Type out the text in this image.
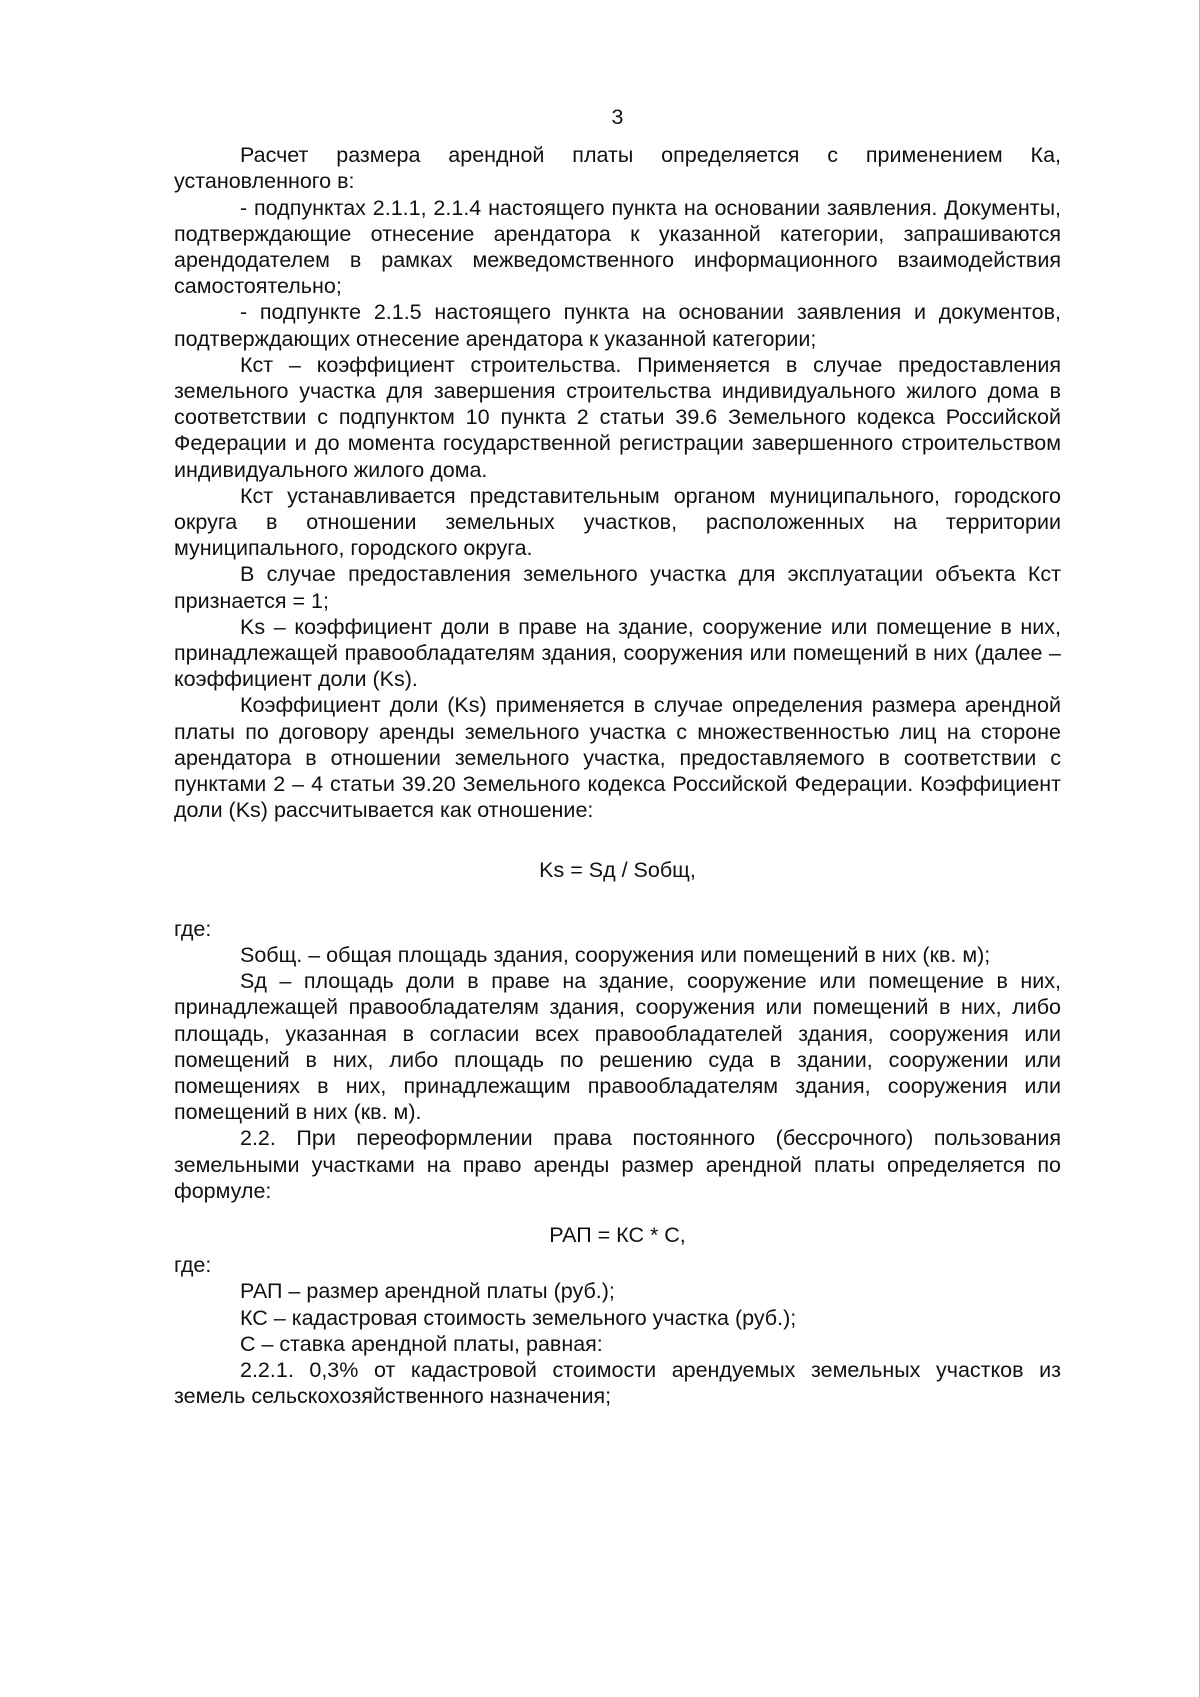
3

Расчет размера арендной платы определяется с применением Ка, установленного в:

- подпунктах 2.1.1, 2.1.4 настоящего пункта на основании заявления. Документы, подтверждающие отнесение арендатора к указанной категории, запрашиваются арендодателем в рамках межведомственного информационного взаимодействия самостоятельно;

- подпункте 2.1.5 настоящего пункта на основании заявления и документов, подтверждающих отнесение арендатора к указанной категории;

Кст – коэффициент строительства. Применяется в случае предоставления земельного участка для завершения строительства индивидуального жилого дома в соответствии с подпунктом 10 пункта 2 статьи 39.6 Земельного кодекса Российской Федерации и до момента государственной регистрации завершенного строительством индивидуального жилого дома.

Кст устанавливается представительным органом муниципального, городского округа в отношении земельных участков, расположенных на территории муниципального, городского округа.

В случае предоставления земельного участка для эксплуатации объекта Кст признается = 1;

Ks – коэффициент доли в праве на здание, сооружение или помещение в них, принадлежащей правообладателям здания, сооружения или помещений в них (далее – коэффициент доли (Ks).

Коэффициент доли (Ks) применяется в случае определения размера арендной платы по договору аренды земельного участка с множественностью лиц на стороне арендатора в отношении земельного участка, предоставляемого в соответствии с пунктами 2 – 4 статьи 39.20 Земельного кодекса Российской Федерации. Коэффициент доли (Ks) рассчитывается как отношение:

Ks = Sд / Sобщ,

где:

Sобщ. – общая площадь здания, сооружения или помещений в них (кв. м);

Sд – площадь доли в праве на здание, сооружение или помещение в них, принадлежащей правообладателям здания, сооружения или помещений в них, либо площадь, указанная в согласии всех правообладателей здания, сооружения или помещений в них, либо площадь по решению суда в здании, сооружении или помещениях в них, принадлежащим правообладателям здания, сооружения или помещений в них (кв. м).

2.2. При переоформлении права постоянного (бессрочного) пользования земельными участками на право аренды размер арендной платы определяется по формуле:

РАП = КС * С,

где:

РАП – размер арендной платы (руб.);

КС – кадастровая стоимость земельного участка (руб.);

С – ставка арендной платы, равная:

2.2.1. 0,3% от кадастровой стоимости арендуемых земельных участков из земель сельскохозяйственного назначения;
